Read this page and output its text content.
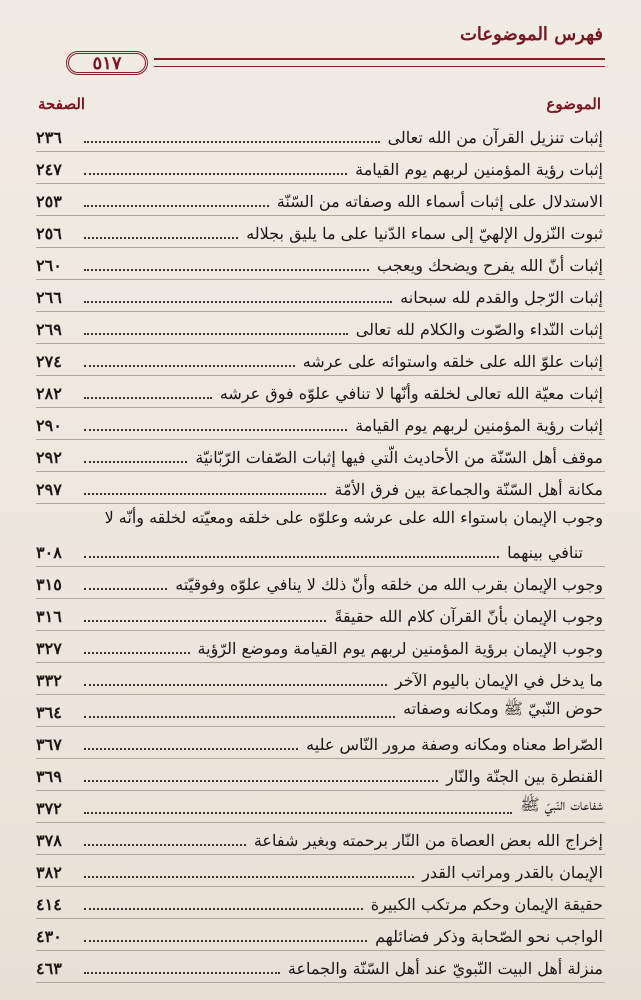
فهرس الموضوعات
٥١٧
الموضوع
الصفحة
إثبات تنزيل القرآن من الله تعالى
٢٣٦
إثبات رؤية المؤمنين لربهم يوم القيامة
٢٤٧
الاستدلال على إثبات أسماء الله وصفاته من السّنّة
٢٥٣
ثبوت النّزول الإلهيّ إلى سماء الدّنيا على ما يليق بجلاله
٢٥٦
إثبات أنّ الله يفرح ويضحك ويعجب
٢٦٠
إثبات الرّجل والقدم لله سبحانه
٢٦٦
إثبات النّداء والصّوت والكلام لله تعالى
٢٦٩
إثبات علوّ الله على خلقه واستوائه على عرشه
٢٧٤
إثبات معيّة الله تعالى لخلقه وأنّها لا تنافي علوّه فوق عرشه
٢٨٢
إثبات رؤية المؤمنين لربهم يوم القيامة
٢٩٠
موقف أهل السّنّة من الأحاديث الّتي فيها إثبات الصّفات الرّبّانيّة
٢٩٢
مكانة أهل السّنّة والجماعة بين فرق الأمّة
٢٩٧
وجوب الإيمان باستواء الله على عرشه وعلوّه على خلقه ومعيّته لخلقه وأنّه لا
تنافي بينهما
٣٠٨
وجوب الإيمان بقرب الله من خلقه وأنّ ذلك لا ينافي علوّه وفوقيّته
٣١٥
وجوب الإيمان بأنّ القرآن كلام الله حقيقةً
٣١٦
وجوب الإيمان برؤية المؤمنين لربهم يوم القيامة وموضع الرّؤية
٣٢٧
ما يدخل في الإيمان باليوم الآخر
٣٣٢
حوض النّبيّ ﷺ ومكانه وصفاته
٣٦٤
الصّراط معناه ومكانه وصفة مرور النّاس عليه
٣٦٧
القنطرة بين الجنّة والنّار
٣٦٩
شفاعات النّبيّ ﷺ
٣٧٢
إخراج الله بعض العصاة من النّار برحمته وبغير شفاعة
٣٧٨
الإيمان بالقدر ومراتب القدر
٣٨٢
حقيقة الإيمان وحكم مرتكب الكبيرة
٤١٤
الواجب نحو الصّحابة وذكر فضائلهم
٤٣٠
منزلة أهل البيت النّبويّ عند أهل السّنّة والجماعة
٤٦٣
